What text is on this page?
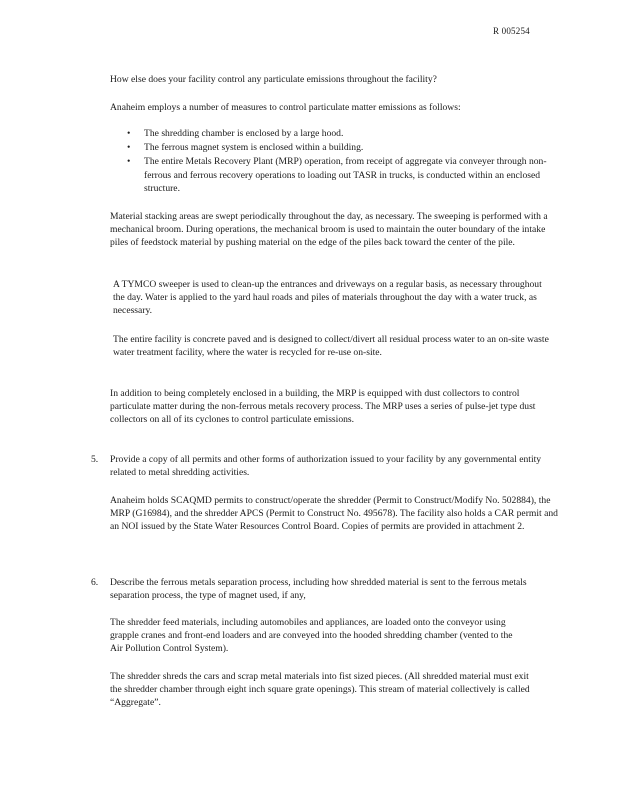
R 005254

How else does your facility control any particulate emissions throughout the facility?

Anaheim employs a number of measures to control particulate matter emissions as follows:

• The shredding chamber is enclosed by a large hood.
• The ferrous magnet system is enclosed within a building.
• The entire Metals Recovery Plant (MRP) operation, from receipt of aggregate via conveyer through non-ferrous and ferrous recovery operations to loading out TASR in trucks, is conducted within an enclosed structure.

Material stacking areas are swept periodically throughout the day, as necessary. The sweeping is performed with a mechanical broom. During operations, the mechanical broom is used to maintain the outer boundary of the intake piles of feedstock material by pushing material on the edge of the piles back toward the center of the pile.

A TYMCO sweeper is used to clean-up the entrances and driveways on a regular basis, as necessary throughout the day. Water is applied to the yard haul roads and piles of materials throughout the day with a water truck, as necessary.

The entire facility is concrete paved and is designed to collect/divert all residual process water to an on-site waste water treatment facility, where the water is recycled for re-use on-site.

In addition to being completely enclosed in a building, the MRP is equipped with dust collectors to control particulate matter during the non-ferrous metals recovery process. The MRP uses a series of pulse-jet type dust collectors on all of its cyclones to control particulate emissions.

5.	Provide a copy of all permits and other forms of authorization issued to your facility by any governmental entity related to metal shredding activities.

Anaheim holds SCAQMD permits to construct/operate the shredder (Permit to Construct/Modify No. 502884), the MRP (G16984), and the shredder APCS (Permit to Construct No. 495678). The facility also holds a CAR permit and an NOI issued by the State Water Resources Control Board. Copies of permits are provided in attachment 2.

6.	Describe the ferrous metals separation process, including how shredded material is sent to the ferrous metals separation process, the type of magnet used, if any,

The shredder feed materials, including automobiles and appliances, are loaded onto the conveyor using grapple cranes and front-end loaders and are conveyed into the hooded shredding chamber (vented to the Air Pollution Control System).

The shredder shreds the cars and scrap metal materials into fist sized pieces. (All shredded material must exit the shredder chamber through eight inch square grate openings). This stream of material collectively is called “Aggregate”.
